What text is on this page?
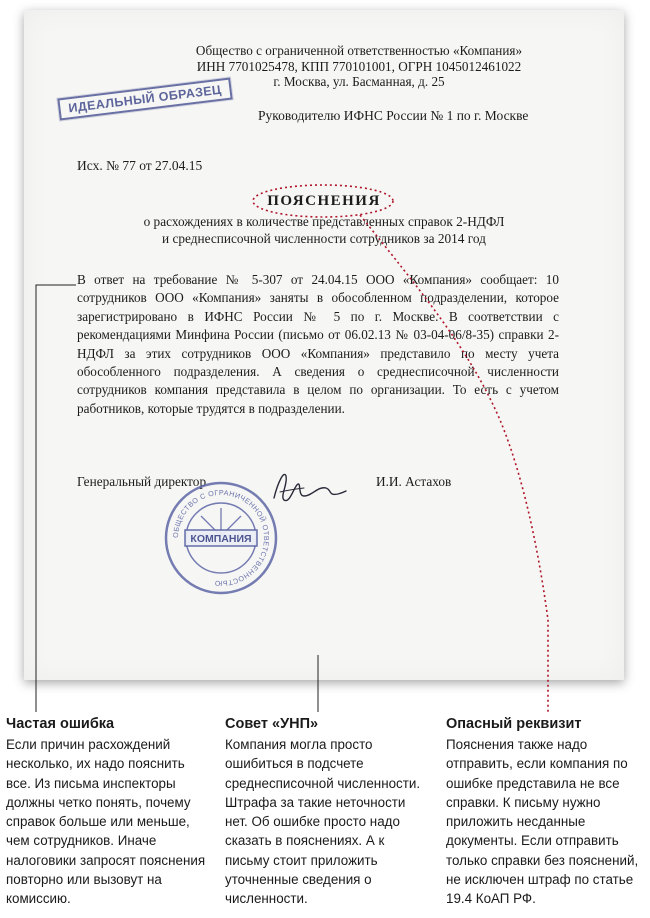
Общество с ограниченной ответственностью «Компания»
ИНН 7701025478, КПП 770101001, ОГРН 1045012461022
г. Москва, ул. Басманная, д. 25
ИДЕАЛЬНЫЙ ОБРАЗЕЦ
Руководителю ИФНС России № 1 по г. Москве
Исх. № 77 от 27.04.15
ПОЯСНЕНИЯ
о расхождениях в количестве представленных справок 2-НДФЛ
и среднесписочной численности сотрудников за 2014 год
В ответ на требование № 5-307 от 24.04.15 ООО «Компания» сообщает: 10 сотрудников ООО «Компания» заняты в обособленном подразделении, которое зарегистрировано в ИФНС России № 5 по г. Москве. В соответствии с рекомендациями Минфина России (письмо от 06.02.13 № 03-04-06/8-35) справки 2-НДФЛ за этих сотрудников ООО «Компания» представило по месту учета обособленного подразделения. А сведения о среднесписочной численности сотрудников компания представила в целом по организации. То есть с учетом работников, которые трудятся в подразделении.
Генеральный директор	И.И. Астахов
ОБЩЕСТВО С ОГРАНИЧЕННОЙ ОТВЕТСТВЕННОСТЬЮ
КОМПАНИЯ
Частая ошибка

Если причин расхождений несколько, их надо пояснить все. Из письма инспекторы должны четко понять, почему справок больше или меньше, чем сотрудников. Иначе налоговики запросят пояснения повторно или вызовут на комиссию.

Совет «УНП»

Компания могла просто ошибиться в подсчете среднесписочной численности. Штрафа за такие неточности нет. Об ошибке просто надо сказать в пояснениях. А к письму стоит приложить уточненные сведения о численности.

Опасный реквизит

Пояснения также надо отправить, если компания по ошибке представила не все справки. К письму нужно приложить несданные документы. Если отправить только справки без пояснений, не исключен штраф по статье 19.4 КоАП РФ.
